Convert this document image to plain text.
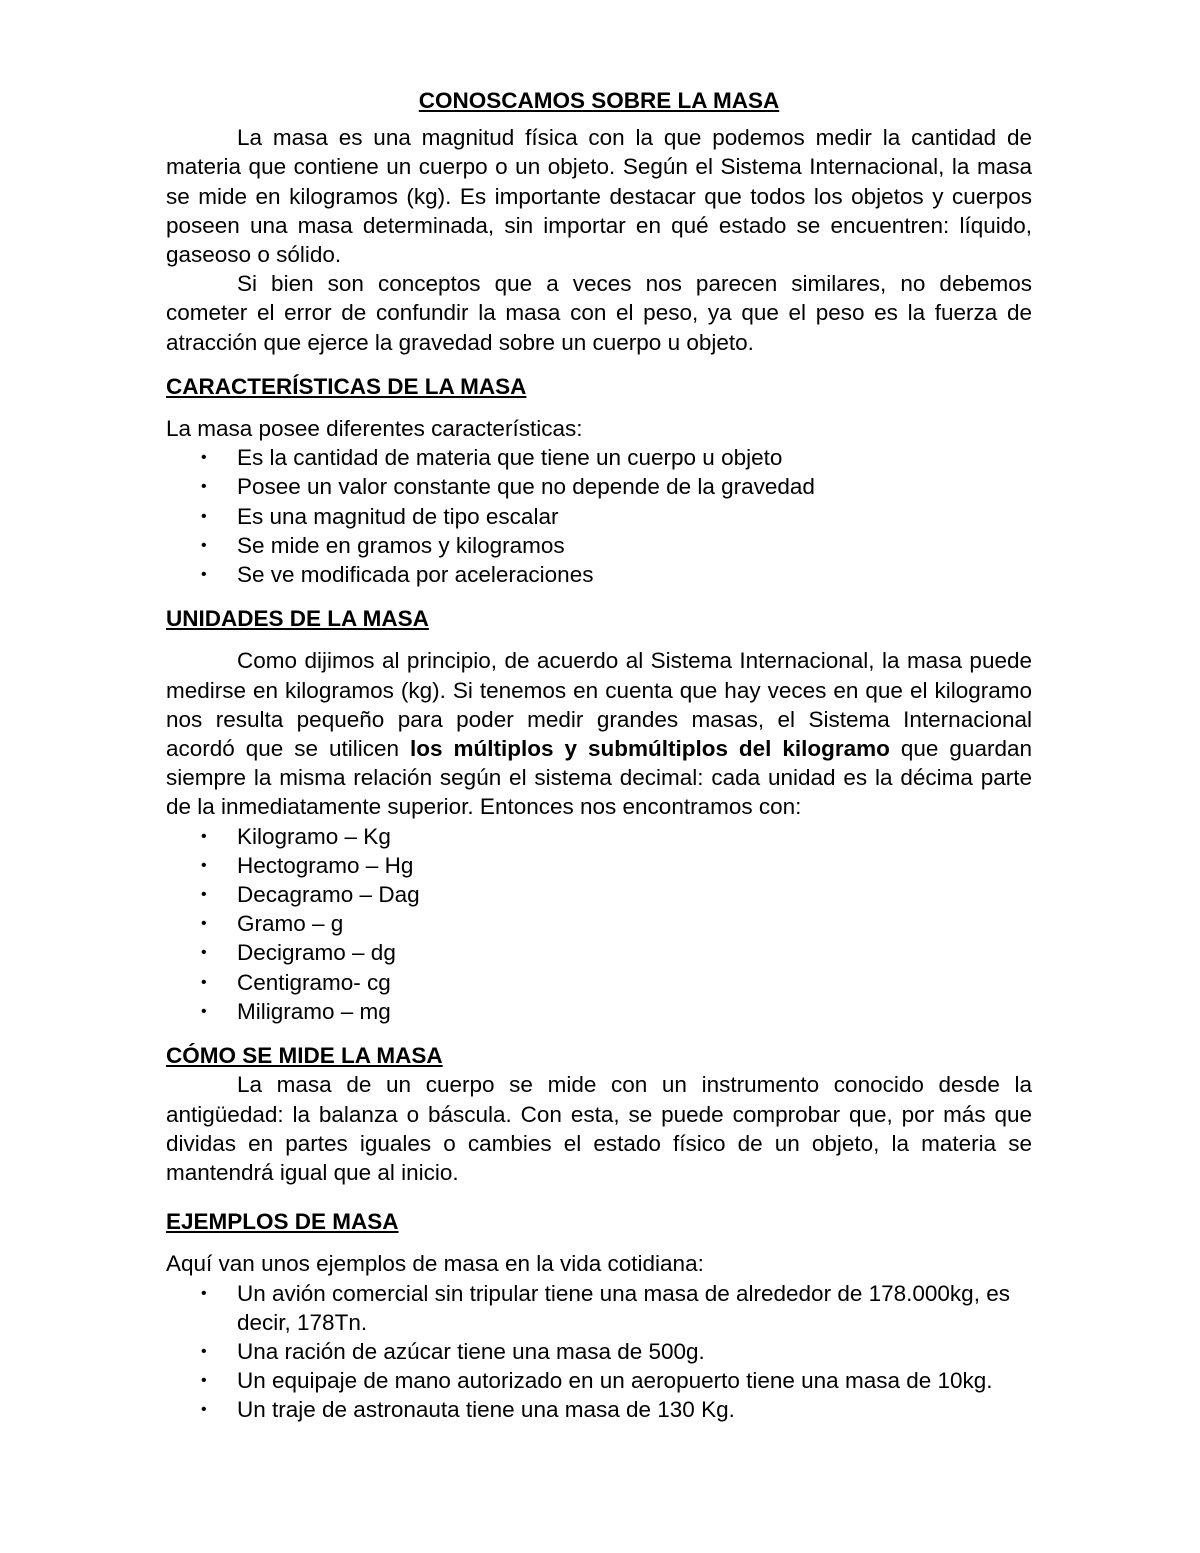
CONOSCAMOS SOBRE LA MASA

La masa es una magnitud física con la que podemos medir la cantidad de materia que contiene un cuerpo o un objeto. Según el Sistema Internacional, la masa se mide en kilogramos (kg). Es importante destacar que todos los objetos y cuerpos poseen una masa determinada, sin importar en qué estado se encuentren: líquido, gaseoso o sólido.

Si bien son conceptos que a veces nos parecen similares, no debemos cometer el error de confundir la masa con el peso, ya que el peso es la fuerza de atracción que ejerce la gravedad sobre un cuerpo u objeto.

CARACTERÍSTICAS DE LA MASA

La masa posee diferentes características:

• Es la cantidad de materia que tiene un cuerpo u objeto
• Posee un valor constante que no depende de la gravedad
• Es una magnitud de tipo escalar
• Se mide en gramos y kilogramos
• Se ve modificada por aceleraciones
UNIDADES DE LA MASA

Como dijimos al principio, de acuerdo al Sistema Internacional, la masa puede medirse en kilogramos (kg). Si tenemos en cuenta que hay veces en que el kilogramo nos resulta pequeño para poder medir grandes masas, el Sistema Internacional acordó que se utilicen los múltiplos y submúltiplos del kilogramo que guardan siempre la misma relación según el sistema decimal: cada unidad es la décima parte de la inmediatamente superior. Entonces nos encontramos con:

• Kilogramo – Kg
• Hectogramo – Hg
• Decagramo – Dag
• Gramo – g
• Decigramo – dg
• Centigramo- cg
• Miligramo – mg
CÓMO SE MIDE LA MASA

La masa de un cuerpo se mide con un instrumento conocido desde la antigüedad: la balanza o báscula. Con esta, se puede comprobar que, por más que dividas en partes iguales o cambies el estado físico de un objeto, la materia se mantendrá igual que al inicio.

EJEMPLOS DE MASA

Aquí van unos ejemplos de masa en la vida cotidiana:

• Un avión comercial sin tripular tiene una masa de alrededor de 178.000kg, es decir, 178Tn.
• Una ración de azúcar tiene una masa de 500g.
• Un equipaje de mano autorizado en un aeropuerto tiene una masa de 10kg.
• Un traje de astronauta tiene una masa de 130 Kg.
